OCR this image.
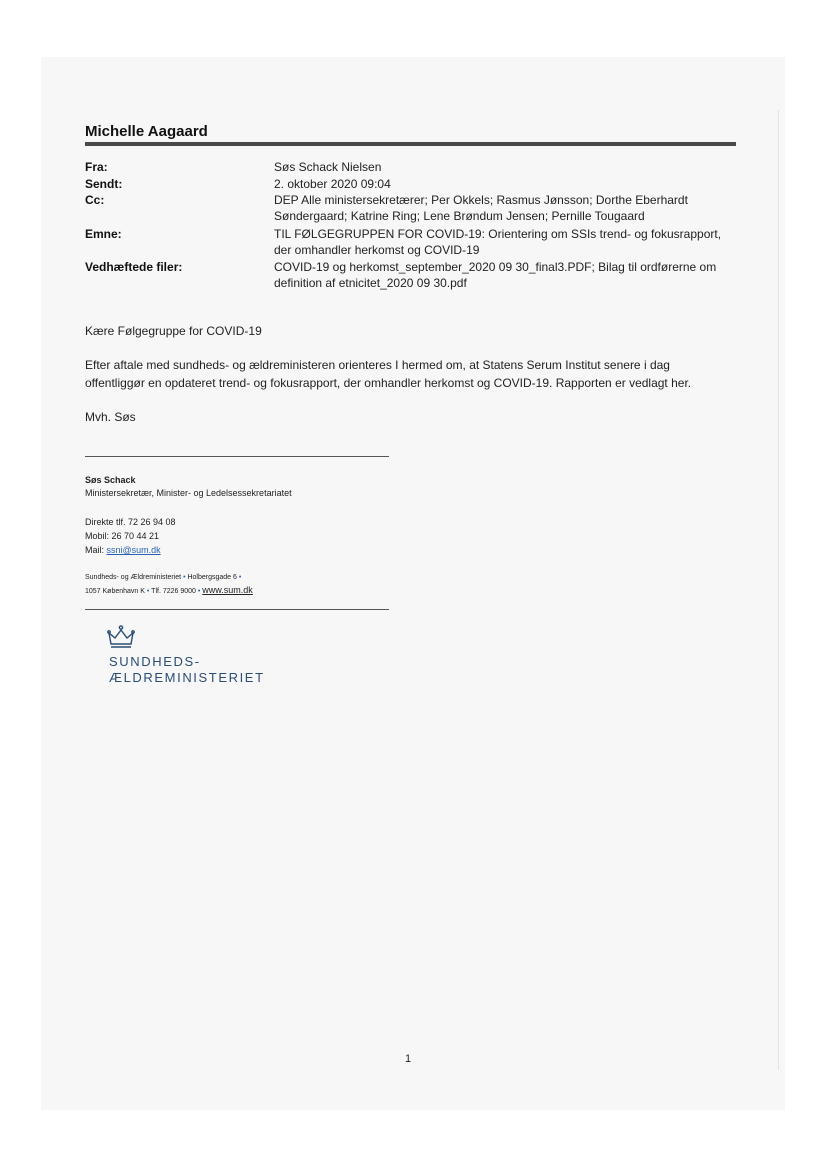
Michelle Aagaard
Fra:	Søs Schack Nielsen
Sendt:	2. oktober 2020 09:04
Cc:	DEP Alle ministersekretærer; Per Okkels; Rasmus Jønsson; Dorthe Eberhardt
Søndergaard; Katrine Ring; Lene Brøndum Jensen; Pernille Tougaard
Emne:	TIL FØLGEGRUPPEN FOR COVID-19: Orientering om SSIs trend- og fokusrapport,
der omhandler herkomst og COVID-19
Vedhæftede filer:	COVID-19 og herkomst_september_2020 09 30_final3.PDF; Bilag til ordførerne om
definition af etnicitet_2020 09 30.pdf
Kære Følgegruppe for COVID-19
Efter aftale med sundheds- og ældreministeren orienteres I hermed om, at Statens Serum Institut senere i dag
offentliggør en opdateret trend- og fokusrapport, der omhandler herkomst og COVID-19. Rapporten er vedlagt her.
Mvh. Søs
Søs Schack
Ministersekretær, Minister- og Ledelsessekretariatet
Direkte tlf. 72 26 94 08
Mobil: 26 70 44 21
Mail: ssni@sum.dk
Sundheds- og Ældreministeriet • Holbergsgade 6 •
1057 København K • Tlf. 7226 9000 • www.sum.dk
SUNDHEDS-
ÆLDREMINISTERIET
1
